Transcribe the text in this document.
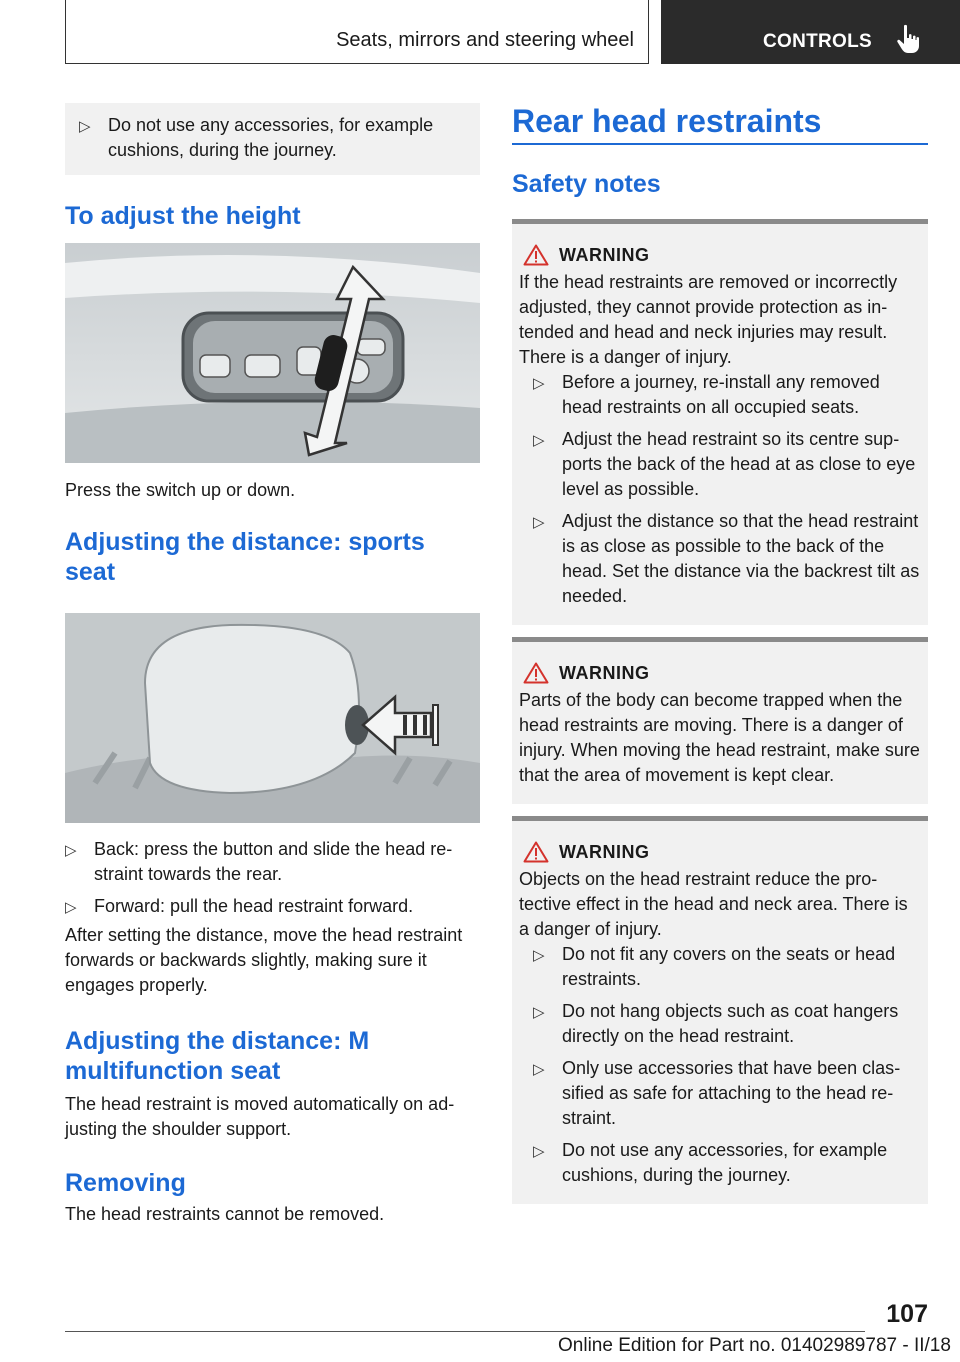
Seats, mirrors and steering wheel	CONTROLS
▷ Do not use any accessories, for example cushions, during the journey.
To adjust the height

Press the switch up or down.

Adjusting the distance: sports seat
▷ Back: press the button and slide the head restraint towards the rear.
▷ Forward: pull the head restraint forward.

After setting the distance, move the head restraint forwards or backwards slightly, making sure it engages properly.

Adjusting the distance: M multifunction seat

The head restraint is moved automatically on adjusting the shoulder support.

Removing

The head restraints cannot be removed.

Rear head restraints
Safety notes
WARNING

If the head restraints are removed or incorrectly adjusted, they cannot provide protection as intended and head and neck injuries may result. There is a danger of injury.

▷ Before a journey, re-install any removed head restraints on all occupied seats.
▷ Adjust the head restraint so its centre supports the back of the head at as close to eye level as possible.
▷ Adjust the distance so that the head restraint is as close as possible to the back of the head. Set the distance via the backrest tilt as needed.
WARNING

Parts of the body can become trapped when the head restraints are moving. There is a danger of injury. When moving the head restraint, make sure that the area of movement is kept clear.

WARNING

Objects on the head restraint reduce the protective effect in the head and neck area. There is a danger of injury.

▷ Do not fit any covers on the seats or head restraints.
▷ Do not hang objects such as coat hangers directly on the head restraint.
▷ Only use accessories that have been classified as safe for attaching to the head restraint.
▷ Do not use any accessories, for example cushions, during the journey.
107
Online Edition for Part no. 01402989787 - II/18
